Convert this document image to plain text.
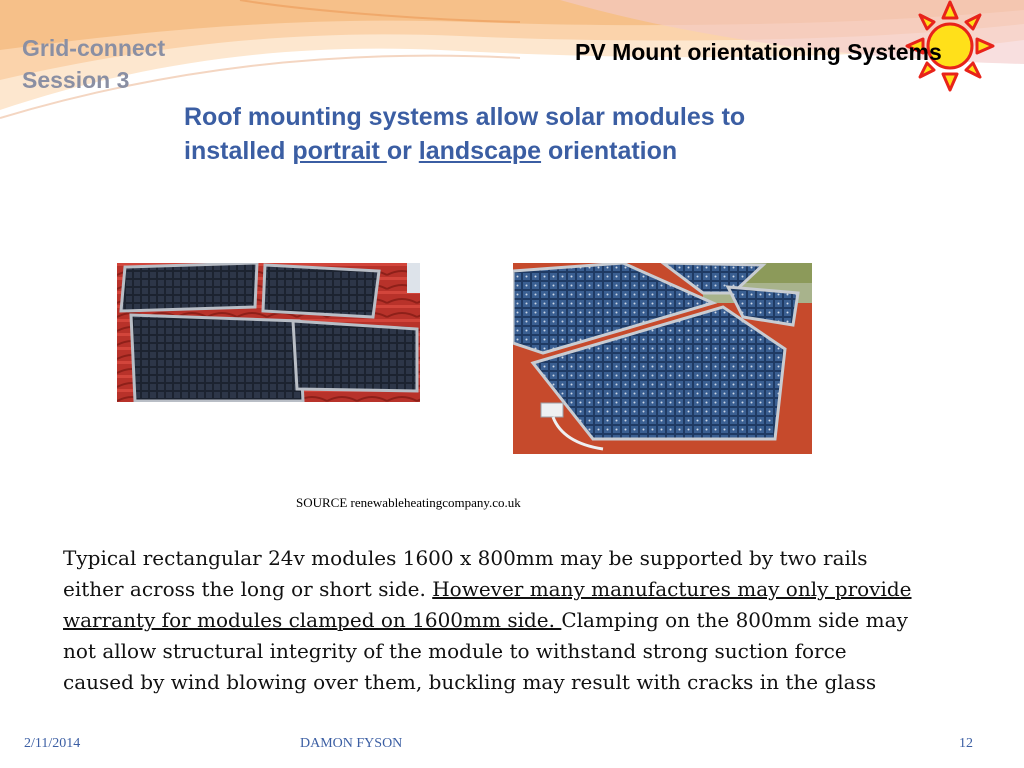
Grid-connect
Session 3
PV Mount orientationing Systems

Roof mounting systems allow solar modules to installed portrait or landscape orientation

SOURCE renewableheatingcompany.co.uk

Typical rectangular 24v modules 1600 x 800mm may be supported by two rails either across the long or short side. However many manufactures may only provide warranty for modules clamped on 1600mm side. Clamping on the 800mm side may not allow structural integrity of the module to withstand strong suction force caused by wind blowing over them, buckling may result with cracks in the glass

2/11/2014	DAMON FYSON	12
